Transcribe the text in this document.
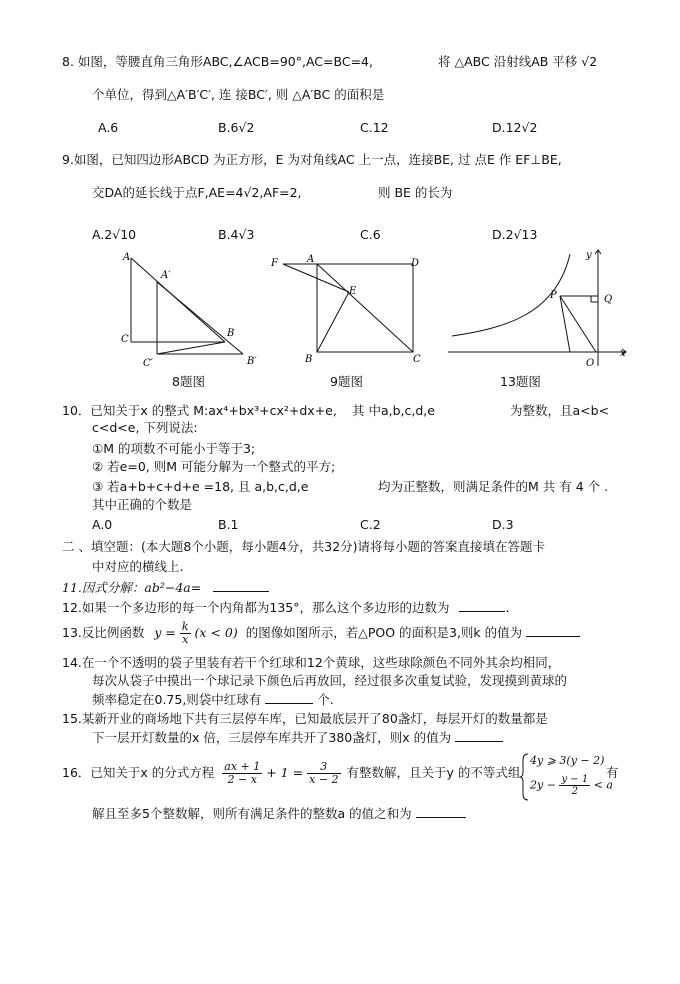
8. 如图，等腰直角三角形ABC,∠ACB=90°,AC=BC=4,	将 △ABC 沿射线AB 平移 √2
个单位，得到△A′B′C′, 连 接BC′, 则 △A′BC 的面积是
A.6	B.6√2	C.12	D.12√2
9.如图，已知四边形ABCD 为正方形，E 为对角线AC 上一点，连接BE, 过 点E 作 EF⊥BE,
交DA的延长线于点F,AE=4√2,AF=2,	则 BE 的长为
A.2√10	B.4√3	C.6	D.2√13
A
A′
C
B
C′	B′
8题图
F	A	D
E
B	C
9题图
y
P	Q
O
x
13题图
10．已知关于x 的整式 M:ax⁴+bx³+cx²+dx+e, 其 中a,b,c,d,e	为整数，且a<b<
c<d<e, 下列说法:
①M 的项数不可能小于等于3;
② 若e=0, 则M 可能分解为一个整式的平方;
③ 若a+b+c+d+e =18, 且 a,b,c,d,e	均为正整数，则满足条件的M 共 有 4 个 .
其中正确的个数是
A.0	B.1	C.2	D.3
二 、填空题：(本大题8个小题，每小题4分，共32分)请将每小题的答案直接填在答题卡
中对应的横线上.
11.因式分解：ab²−4a=
12.如果一个多边形的每一个内角都为135°，那么这个多边形的边数为	.
13.反比例函数 $y = \frac{k}{x} (x < 0)$ 的图像如图所示，若△POO 的面积是3,则k 的值为
14.在一个不透明的袋子里装有若干个红球和12个黄球，这些球除颜色不同外其余均相同，
每次从袋子中摸出一个球记录下颜色后再放回，经过很多次重复试验，发现摸到黄球的
频率稳定在0.75,则袋中红球有	个.
15.某新开业的商场地下共有三层停车库，已知最底层开了80盏灯，每层开灯的数量都是
下一层开灯数量的x 倍，三层停车库共开了380盏灯，则x 的值为
16．已知关于x 的分式方程 $\frac{ax + 1}{2 - x} + 1 = \frac{3}{x - 2}$ 有整数解，且关于y 的不等式组
4y ⩾ 3(y − 2)
$2y - \frac{y - 1}{2} < a$
有
解且至多5个整数解，则所有满足条件的整数a 的值之和为
